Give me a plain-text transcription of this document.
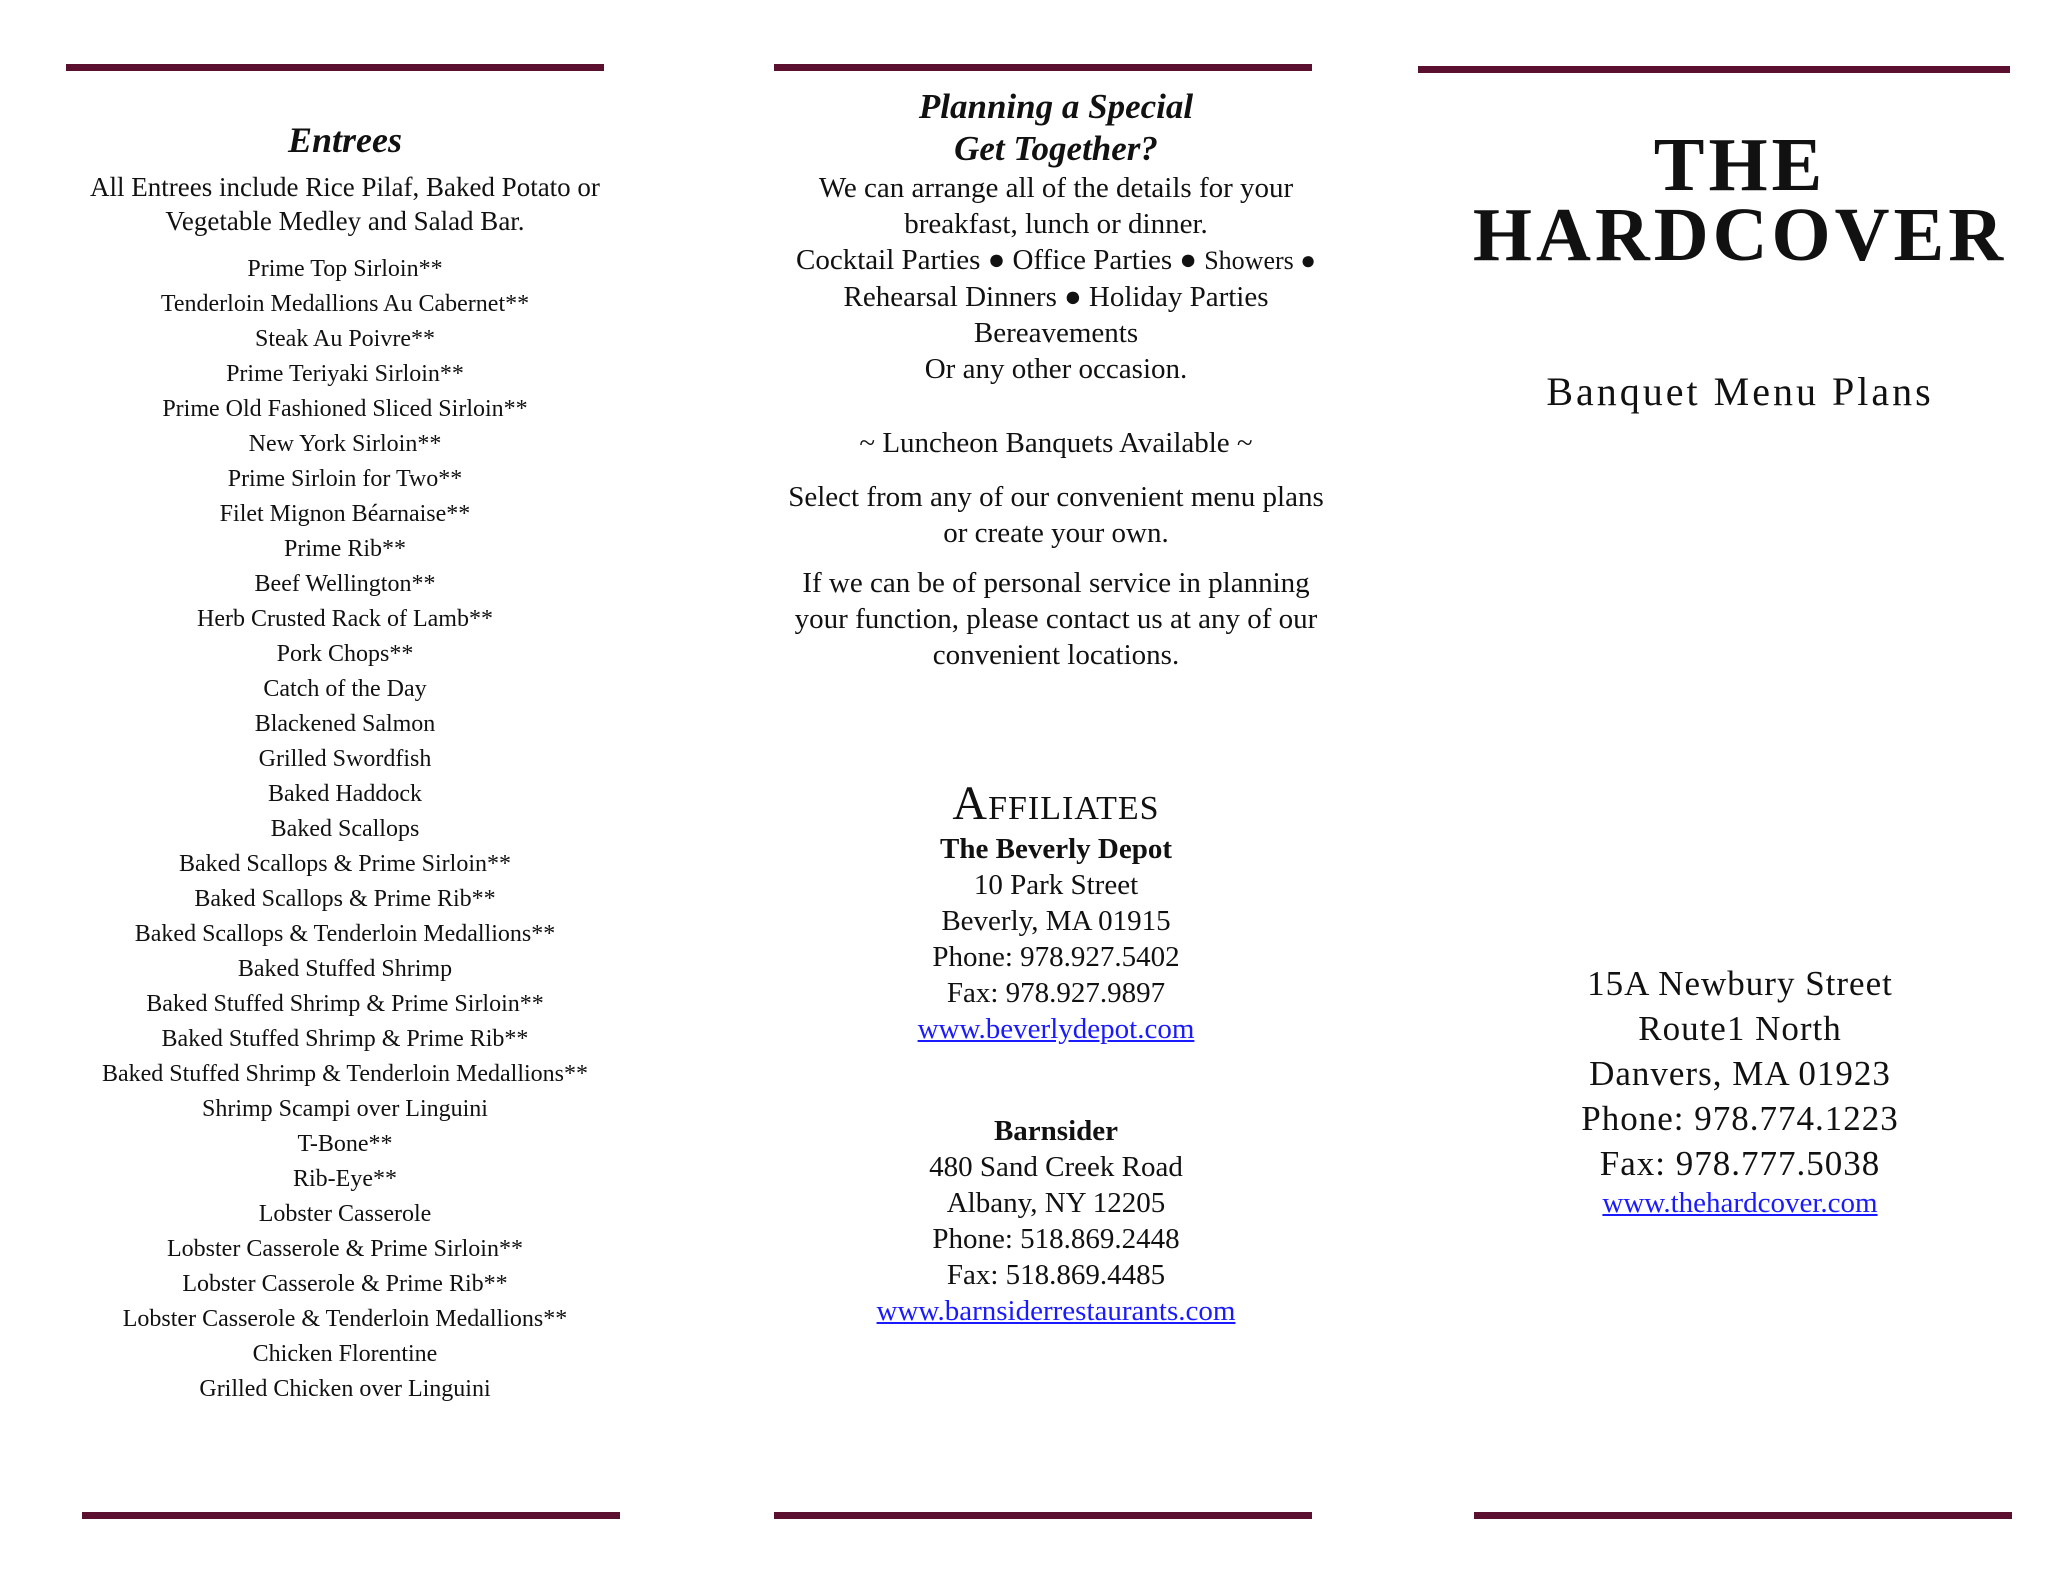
Entrees
All Entrees include Rice Pilaf, Baked Potato or
Vegetable Medley and Salad Bar.
Prime Top Sirloin**
Tenderloin Medallions Au Cabernet**
Steak Au Poivre**
Prime Teriyaki Sirloin**
Prime Old Fashioned Sliced Sirloin**
New York Sirloin**
Prime Sirloin for Two**
Filet Mignon Béarnaise**
Prime Rib**
Beef Wellington**
Herb Crusted Rack of Lamb**
Pork Chops**
Catch of the Day
Blackened Salmon
Grilled Swordfish
Baked Haddock
Baked Scallops
Baked Scallops & Prime Sirloin**
Baked Scallops & Prime Rib**
Baked Scallops & Tenderloin Medallions**
Baked Stuffed Shrimp
Baked Stuffed Shrimp & Prime Sirloin**
Baked Stuffed Shrimp & Prime Rib**
Baked Stuffed Shrimp & Tenderloin Medallions**
Shrimp Scampi over Linguini
T-Bone**
Rib-Eye**
Lobster Casserole
Lobster Casserole & Prime Sirloin**
Lobster Casserole & Prime Rib**
Lobster Casserole & Tenderloin Medallions**
Chicken Florentine
Grilled Chicken over Linguini
Planning a Special
Get Together?
We can arrange all of the details for your
breakfast, lunch or dinner.
Cocktail Parties ● Office Parties ● Showers ●
Rehearsal Dinners ● Holiday Parties
Bereavements
Or any other occasion.
~ Luncheon Banquets Available ~
Select from any of our convenient menu plans
or create your own.
If we can be of personal service in planning
your function, please contact us at any of our
convenient locations.
Affiliates
The Beverly Depot
10 Park Street
Beverly, MA 01915
Phone: 978.927.5402
Fax: 978.927.9897
www.beverlydepot.com
Barnsider
480 Sand Creek Road
Albany, NY 12205
Phone: 518.869.2448
Fax: 518.869.4485
www.barnsiderrestaurants.com
THE
HARDCOVER
Banquet Menu Plans
15A Newbury Street
Route1 North
Danvers, MA 01923
Phone: 978.774.1223
Fax: 978.777.5038
www.thehardcover.com
